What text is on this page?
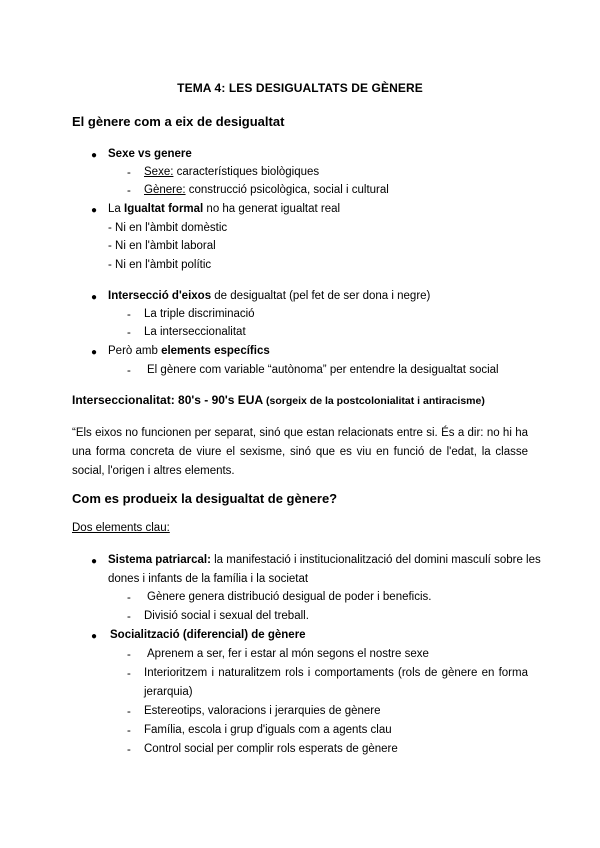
TEMA 4: LES DESIGUALTATS DE GÈNERE
El gènere com a eix de desigualtat
● Sexe vs genere
- Sexe: característiques biològiques
- Gènere: construcció psicològica, social i cultural
● La Igualtat formal no ha generat igualtat real
- Ni en l'àmbit domèstic
- Ni en l'àmbit laboral
- Ni en l'àmbit polític
● Intersecció d'eixos de desigualtat (pel fet de ser dona i negre)
- La triple discriminació
- La interseccionalitat
● Però amb elements específics
- El gènere com variable “autònoma” per entendre la desigualtat social
Interseccionalitat: 80's - 90's EUA (sorgeix de la postcolonialitat i antiracisme)
“Els eixos no funcionen per separat, sinó que estan relacionats entre si. És a dir: no hi ha una forma concreta de viure el sexisme, sinó que es viu en funció de l'edat, la classe social, l'origen i altres elements.
Com es produeix la desigualtat de gènere?
Dos elements clau:
● Sistema patriarcal: la manifestació i institucionalització del domini masculí sobre les
dones i infants de la família i la societat
- Gènere genera distribució desigual de poder i beneficis.
- Divisió social i sexual del treball.
● Socialització (diferencial) de gènere
- Aprenem a ser, fer i estar al món segons el nostre sexe
- Interioritzem i naturalitzem rols i comportaments (rols de gènere en forma
jerarquia)
- Estereotips, valoracions i jerarquies de gènere
- Família, escola i grup d'iguals com a agents clau
- Control social per complir rols esperats de gènere
